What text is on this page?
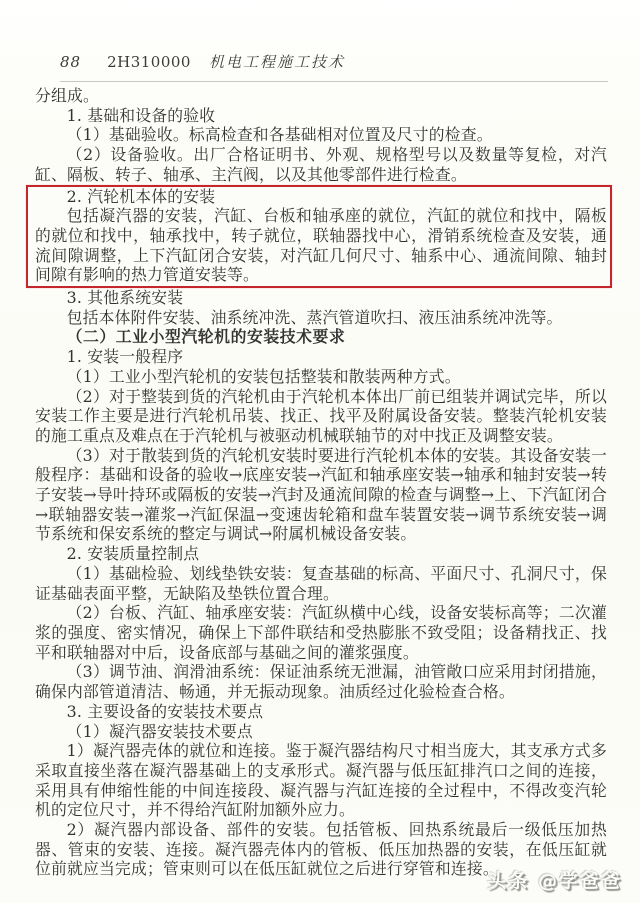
88 2H310000 机电工程施工技术

分组成。

1. 基础和设备的验收

（1）基础验收。标高检查和各基础相对位置及尺寸的检查。

（2）设备验收。出厂合格证明书、外观、规格型号以及数量等复检，对汽缸、隔板、转子、轴承、主汽阀，以及其他零部件进行检查。

2. 汽轮机本体的安装

包括凝汽器的安装，汽缸、台板和轴承座的就位，汽缸的就位和找中，隔板的就位和找中，轴承找中，转子就位，联轴器找中心，滑销系统检查及安装，通流间隙调整，上下汽缸闭合安装，对汽缸几何尺寸、轴系中心、通流间隙、轴封间隙有影响的热力管道安装等。

3. 其他系统安装

包括本体附件安装、油系统冲洗、蒸汽管道吹扫、液压油系统冲洗等。

（二）工业小型汽轮机的安装技术要求

1. 安装一般程序

（1）工业小型汽轮机的安装包括整装和散装两种方式。

（2）对于整装到货的汽轮机由于汽轮机本体出厂前已组装并调试完毕，所以安装工作主要是进行汽轮机吊装、找正、找平及附属设备安装。整装汽轮机安装的施工重点及难点在于汽轮机与被驱动机械联轴节的对中找正及调整安装。

（3）对于散装到货的汽轮机安装时要进行汽轮机本体的安装。其设备安装一般程序：基础和设备的验收→底座安装→汽缸和轴承座安装→轴承和轴封安装→转子安装→导叶持环或隔板的安装→汽封及通流间隙的检查与调整→上、下汽缸闭合→联轴器安装→灌浆→汽缸保温→变速齿轮箱和盘车装置安装→调节系统安装→调节系统和保安系统的整定与调试→附属机械设备安装。

2. 安装质量控制点

（1）基础检验、划线垫铁安装：复查基础的标高、平面尺寸、孔洞尺寸，保证基础表面平整，无缺陷及垫铁位置合理。

（2）台板、汽缸、轴承座安装：汽缸纵横中心线，设备安装标高等；二次灌浆的强度、密实情况，确保上下部件联结和受热膨胀不致受阻；设备精找正、找平和联轴器对中后，设备底部与基础之间的灌浆强度。

（3）调节油、润滑油系统：保证油系统无泄漏，油管敞口应采用封闭措施，确保内部管道清洁、畅通，并无振动现象。油质经过化验检查合格。

3. 主要设备的安装技术要点

（1）凝汽器安装技术要点

1）凝汽器壳体的就位和连接。鉴于凝汽器结构尺寸相当庞大，其支承方式多采取直接坐落在凝汽器基础上的支承形式。凝汽器与低压缸排汽口之间的连接，采用具有伸缩性能的中间连接段、凝汽器与汽缸连接的全过程中，不得改变汽轮机的定位尺寸，并不得给汽缸附加额外应力。

2）凝汽器内部设备、部件的安装。包括管板、回热系统最后一级低压加热器、管束的安装、连接。凝汽器壳体内的管板、低压加热器的安装，在低压缸就位前就应当完成；管束则可以在低压缸就位之后进行穿管和连接。

头条 @学爸爸
